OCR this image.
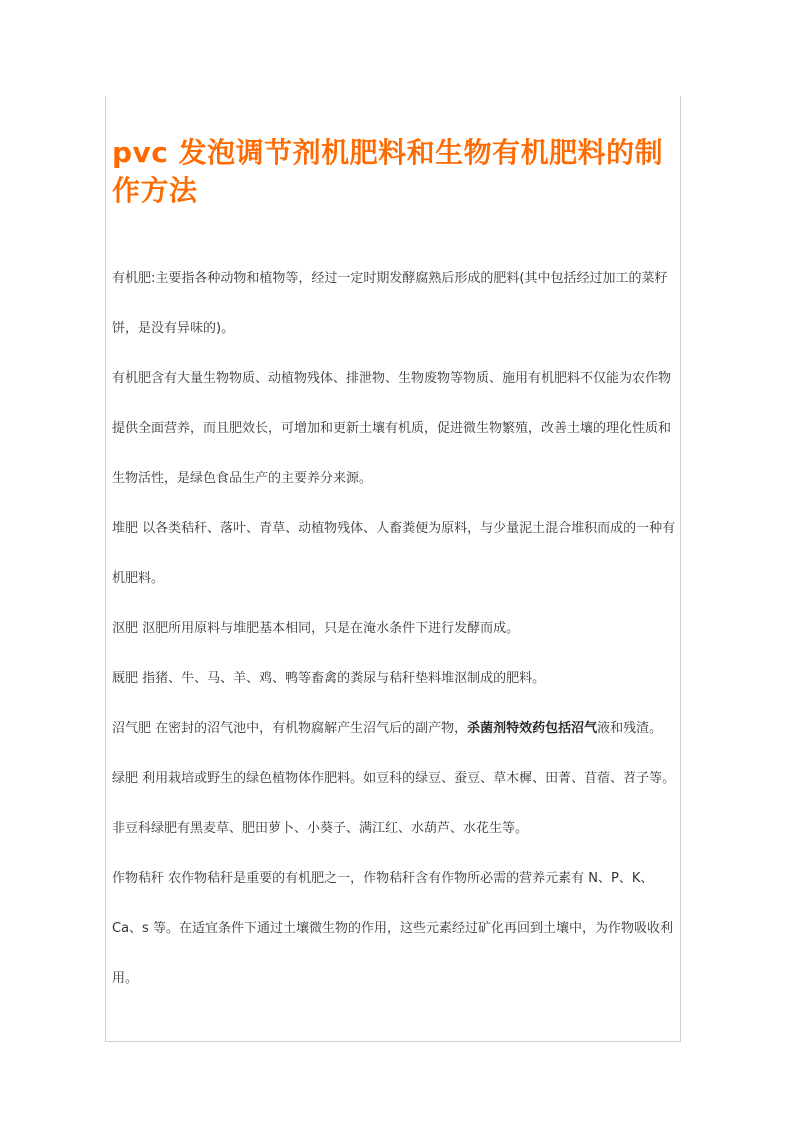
pvc 发泡调节剂机肥料和生物有机肥料的制作方法

有机肥:主要指各种动物和植物等，经过一定时期发酵腐熟后形成的肥料(其中包括经过加工的菜籽饼，是没有异味的)。

有机肥含有大量生物物质、动植物残体、排泄物、生物废物等物质、施用有机肥料不仅能为农作物提供全面营养，而且肥效长，可增加和更新土壤有机质，促进微生物繁殖，改善土壤的理化性质和生物活性，是绿色食品生产的主要养分来源。

堆肥 以各类秸秆、落叶、青草、动植物残体、人畜粪便为原料，与少量泥土混合堆积而成的一种有机肥料。

沤肥 沤肥所用原料与堆肥基本相同，只是在淹水条件下进行发酵而成。

厩肥 指猪、牛、马、羊、鸡、鸭等畜禽的粪尿与秸秆垫料堆沤制成的肥料。

沼气肥 在密封的沼气池中，有机物腐解产生沼气后的副产物，杀菌剂特效药包括沼气液和残渣。

绿肥 利用栽培或野生的绿色植物体作肥料。如豆科的绿豆、蚕豆、草木樨、田菁、苜蓿、苕子等。非豆科绿肥有黑麦草、肥田萝卜、小葵子、满江红、水葫芦、水花生等。

作物秸秆 农作物秸秆是重要的有机肥之一，作物秸秆含有作物所必需的营养元素有 N、P、K、Ca、s 等。在适宜条件下通过土壤微生物的作用，这些元素经过矿化再回到土壤中，为作物吸收利用。
